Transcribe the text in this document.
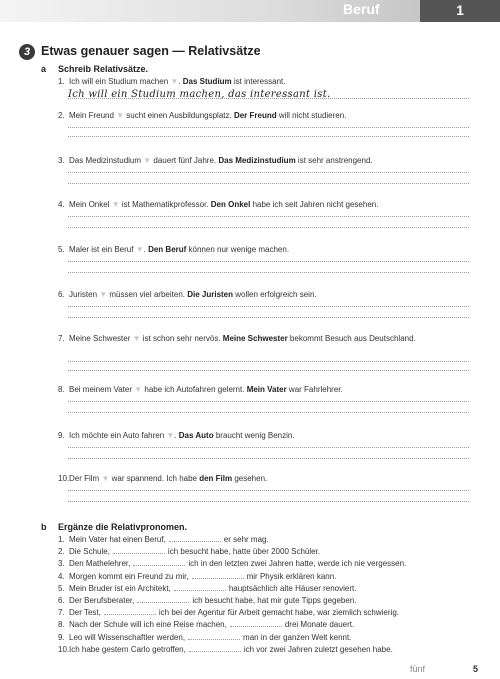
Beruf	1
3 Etwas genauer sagen — Relativsätze
a Schreib Relativsätze.
1. Ich will ein Studium machen ▼. Das Studium ist interessant.
2. Mein Freund ▼ sucht einen Ausbildungsplatz. Der Freund will nicht studieren.
3. Das Medizinstudium ▼ dauert fünf Jahre. Das Medizinstudium ist sehr anstrengend.
4. Mein Onkel ▼ ist Mathematikprofessor. Den Onkel habe ich seit Jahren nicht gesehen.
5. Maler ist ein Beruf ▼. Den Beruf können nur wenige machen.
6. Juristen ▼ müssen viel arbeiten. Die Juristen wollen erfolgreich sein.
7. Meine Schwester ▼ ist schon sehr nervös. Meine Schwester bekommt Besuch aus Deutschland.
8. Bei meinem Vater ▼ habe ich Autofahren gelernt. Mein Vater war Fahrlehrer.
9. Ich möchte ein Auto fahren ▼. Das Auto braucht wenig Benzin.
10.Der Film ▼ war spannend. Ich habe den Film gesehen.
Ich will ein Studium machen, das interessant ist.
b Ergänze die Relativpronomen.
1. Mein Vater hat einen Beruf,	er sehr mag.
2. Die Schule,	ich besucht habe, hatte über 2000 Schüler.
3. Den Mathelehrer,	ich in den letzten zwei Jahren hatte, werde ich nie vergessen.
4. Morgen kommt ein Freund zu mir,	mir Physik erklären kann.
5. Mein Bruder ist ein Architekt,	hauptsächlich alte Häuser renoviert.
6. Der Berufsberater,	ich besucht habe, hat mir gute Tipps gegeben.
7. Der Test,	ich bei der Agentur für Arbeit gemacht habe, war ziemlich schwierig.
8. Nach der Schule will ich eine Reise machen,	drei Monate dauert.
9. Leo will Wissenschaftler werden,	man in der ganzen Welt kennt.
10.Ich habe gestern Carlo getroffen,	ich vor zwei Jahren zuletzt gesehen habe.
fünf	5
